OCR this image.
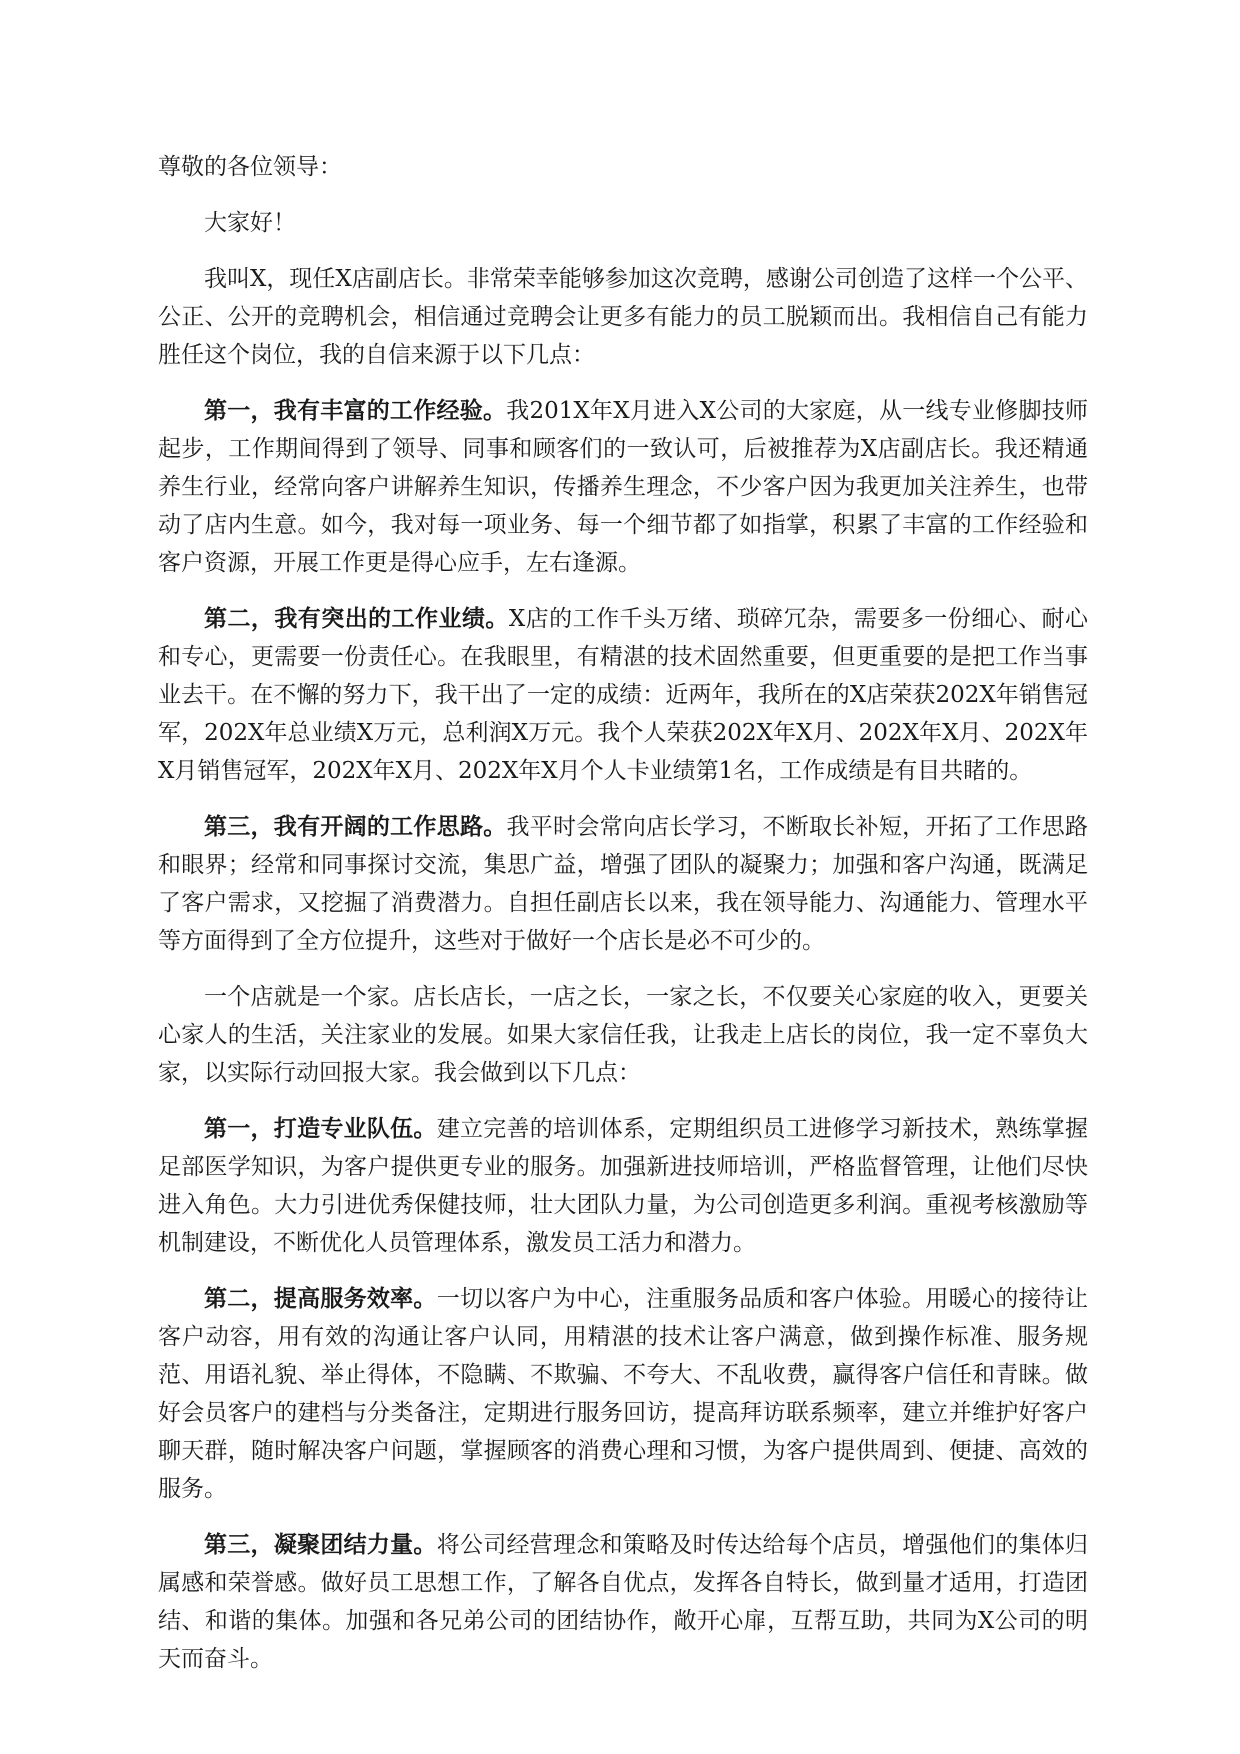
尊敬的各位领导：

大家好！

我叫X，现任X店副店长。非常荣幸能够参加这次竞聘，感谢公司创造了这样一个公平、公正、公开的竞聘机会，相信通过竞聘会让更多有能力的员工脱颖而出。我相信自己有能力胜任这个岗位，我的自信来源于以下几点：

第一，我有丰富的工作经验。我201X年X月进入X公司的大家庭，从一线专业修脚技师起步，工作期间得到了领导、同事和顾客们的一致认可，后被推荐为X店副店长。我还精通养生行业，经常向客户讲解养生知识，传播养生理念，不少客户因为我更加关注养生，也带动了店内生意。如今，我对每一项业务、每一个细节都了如指掌，积累了丰富的工作经验和客户资源，开展工作更是得心应手，左右逢源。

第二，我有突出的工作业绩。X店的工作千头万绪、琐碎冗杂，需要多一份细心、耐心和专心，更需要一份责任心。在我眼里，有精湛的技术固然重要，但更重要的是把工作当事业去干。在不懈的努力下，我干出了一定的成绩：近两年，我所在的X店荣获202X年销售冠军，202X年总业绩X万元，总利润X万元。我个人荣获202X年X月、202X年X月、202X年X月销售冠军，202X年X月、202X年X月个人卡业绩第1名，工作成绩是有目共睹的。

第三，我有开阔的工作思路。我平时会常向店长学习，不断取长补短，开拓了工作思路和眼界；经常和同事探讨交流，集思广益，增强了团队的凝聚力；加强和客户沟通，既满足了客户需求，又挖掘了消费潜力。自担任副店长以来，我在领导能力、沟通能力、管理水平等方面得到了全方位提升，这些对于做好一个店长是必不可少的。

一个店就是一个家。店长店长，一店之长，一家之长，不仅要关心家庭的收入，更要关心家人的生活，关注家业的发展。如果大家信任我，让我走上店长的岗位，我一定不辜负大家，以实际行动回报大家。我会做到以下几点：

第一，打造专业队伍。建立完善的培训体系，定期组织员工进修学习新技术，熟练掌握足部医学知识，为客户提供更专业的服务。加强新进技师培训，严格监督管理，让他们尽快进入角色。大力引进优秀保健技师，壮大团队力量，为公司创造更多利润。重视考核激励等机制建设，不断优化人员管理体系，激发员工活力和潜力。

第二，提高服务效率。一切以客户为中心，注重服务品质和客户体验。用暖心的接待让客户动容，用有效的沟通让客户认同，用精湛的技术让客户满意，做到操作标准、服务规范、用语礼貌、举止得体，不隐瞒、不欺骗、不夸大、不乱收费，赢得客户信任和青睐。做好会员客户的建档与分类备注，定期进行服务回访，提高拜访联系频率，建立并维护好客户聊天群，随时解决客户问题，掌握顾客的消费心理和习惯，为客户提供周到、便捷、高效的服务。

第三，凝聚团结力量。将公司经营理念和策略及时传达给每个店员，增强他们的集体归属感和荣誉感。做好员工思想工作，了解各自优点，发挥各自特长，做到量才适用，打造团结、和谐的集体。加强和各兄弟公司的团结协作，敞开心扉，互帮互助，共同为X公司的明天而奋斗。
